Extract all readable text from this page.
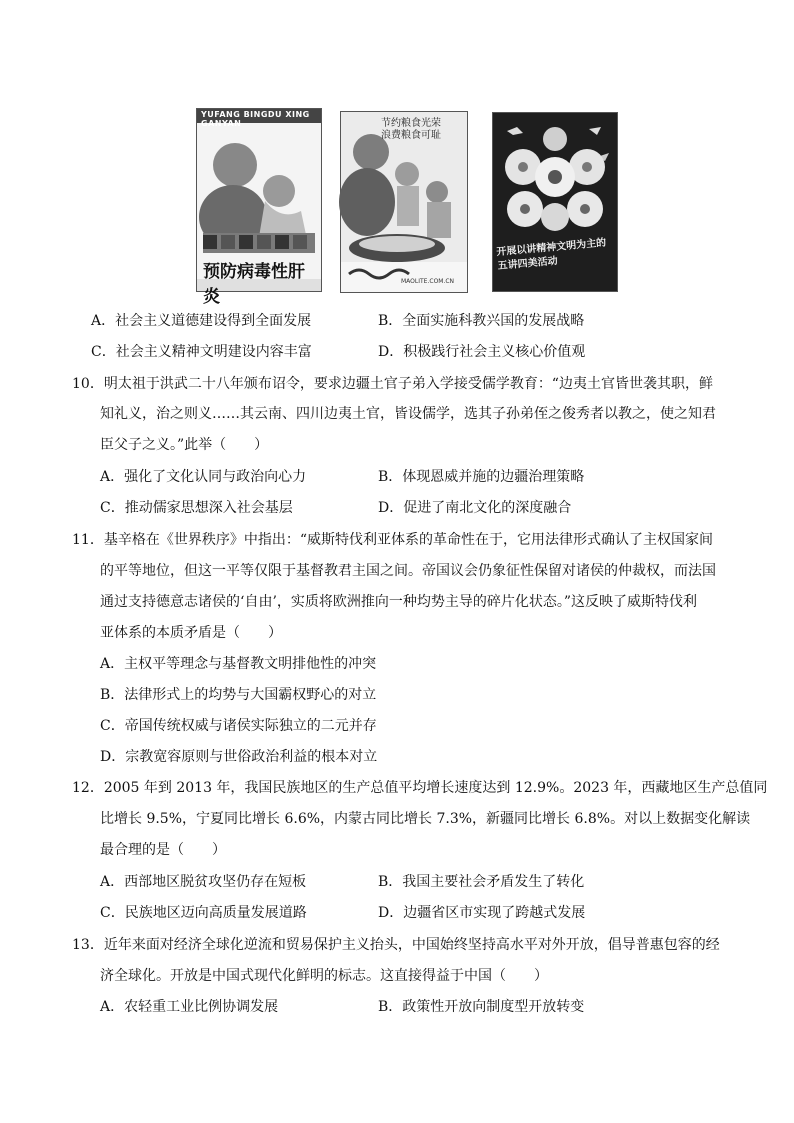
YUFANG BINGDU XING GANYAN
预防病毒性肝炎
节约粮食光荣 浪费粮食可耻
MAOLITE.COM.CN
开展以讲精神文明为主的五讲四美活动
A．社会主义道德建设得到全面发展	B．全面实施科教兴国的发展战略
C．社会主义精神文明建设内容丰富	D．积极践行社会主义核心价值观
10．明太祖于洪武二十八年颁布诏令，要求边疆土官子弟入学接受儒学教育：“边夷土官皆世袭其职，鲜
知礼义，治之则义……其云南、四川边夷土官，皆设儒学，选其子孙弟侄之俊秀者以教之，使之知君
臣父子之义。”此举（　　）
A．强化了文化认同与政治向心力	B．体现恩威并施的边疆治理策略
C．推动儒家思想深入社会基层	D．促进了南北文化的深度融合
11．基辛格在《世界秩序》中指出：“威斯特伐利亚体系的革命性在于，它用法律形式确认了主权国家间
的平等地位，但这一平等仅限于基督教君主国之间。帝国议会仍象征性保留对诸侯的仲裁权，而法国
通过支持德意志诸侯的‘自由’，实质将欧洲推向一种均势主导的碎片化状态。”这反映了威斯特伐利
亚体系的本质矛盾是（　　）
A．主权平等理念与基督教文明排他性的冲突
B．法律形式上的均势与大国霸权野心的对立
C．帝国传统权威与诸侯实际独立的二元并存
D．宗教宽容原则与世俗政治利益的根本对立
12．2005 年到 2013 年，我国民族地区的生产总值平均增长速度达到 12.9%。2023 年，西藏地区生产总值同
比增长 9.5%，宁夏同比增长 6.6%，内蒙古同比增长 7.3%，新疆同比增长 6.8%。对以上数据变化解读
最合理的是（　　）
A．西部地区脱贫攻坚仍存在短板	B．我国主要社会矛盾发生了转化
C．民族地区迈向高质量发展道路	D．边疆省区市实现了跨越式发展
13．近年来面对经济全球化逆流和贸易保护主义抬头，中国始终坚持高水平对外开放，倡导普惠包容的经
济全球化。开放是中国式现代化鲜明的标志。这直接得益于中国（　　）
A．农轻重工业比例协调发展	B．政策性开放向制度型开放转变
